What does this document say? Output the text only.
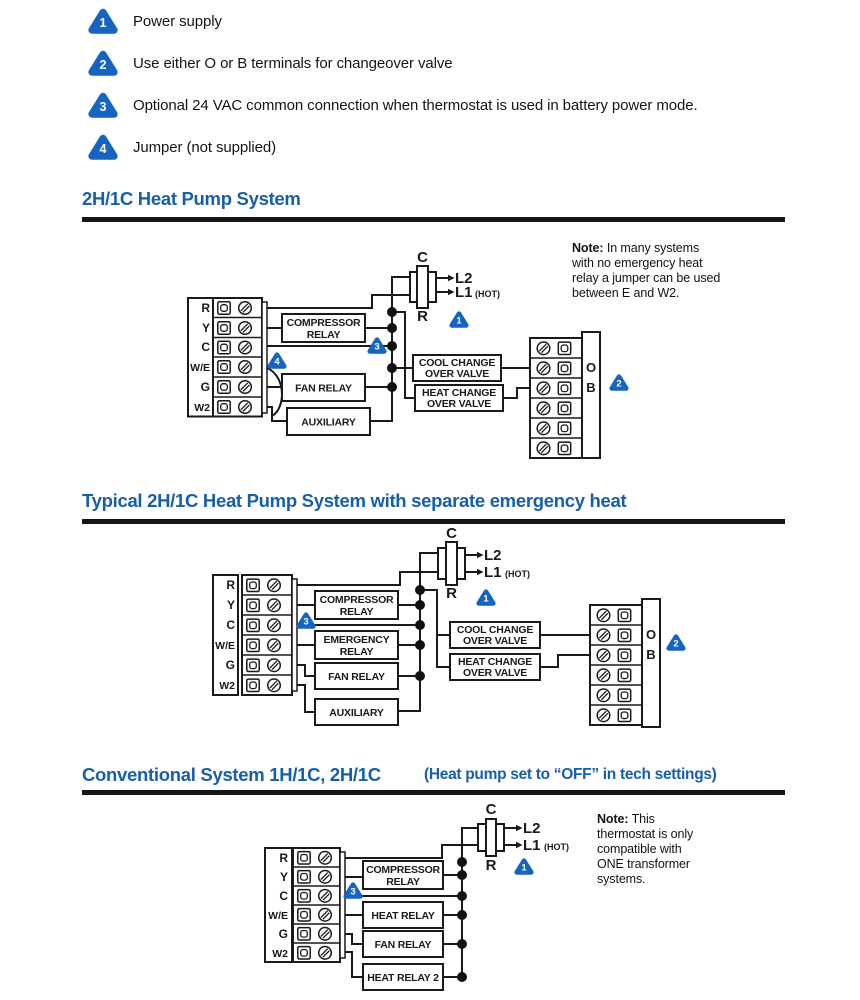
1 Power supply
2 Use either O or B terminals for changeover valve
3 Optional 24 VAC common connection when thermostat is used in battery power mode.
4 Jumper (not supplied)
2H/1C Heat Pump System
Typical 2H/1C Heat Pump System with separate emergency heat
Conventional System 1H/1C, 2H/1C	(Heat pump set to “OFF” in tech settings)
Note: In many systems with no emergency heat relay a jumper can be used between E and W2.
Note: This thermostat is only compatible with ONE transformer systems.
R
Y
C
W/E
G
W2
C
R
L2
L1 (HOT)
COMPRESSOR
RELAY
FAN RELAY
AUXILIARY
COOL CHANGE
OVER VALVE
HEAT CHANGE
OVER VALVE
O
B
1
2
3
4
R
Y
C
W/E
G
W2
C
R
L2
L1 (HOT)
COMPRESSOR
RELAY
EMERGENCY
RELAY
FAN RELAY
AUXILIARY
COOL CHANGE
OVER VALVE
HEAT CHANGE
OVER VALVE
O
B
1
2
3
R
Y
C
W/E
G
W2
C
R
L2
L1 (HOT)
COMPRESSOR
RELAY
HEAT RELAY
FAN RELAY
HEAT RELAY 2
1
3
